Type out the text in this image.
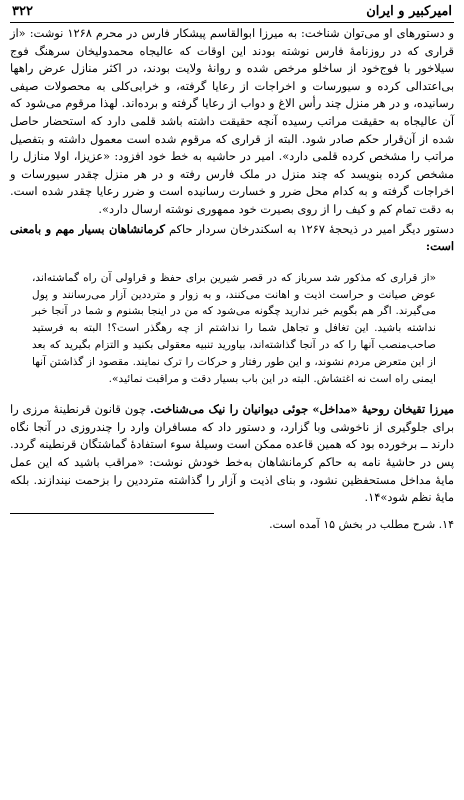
امیرکبیر و ایران
۳۲۲

و دستورهای او می‌توان شناخت: به میرزا ابوالقاسم پیشکار فارس در محرم ۱۲۶۸ نوشت: «از قراری که در روزنامهٔ فارس نوشته بودند این اوقات که عالیجاه محمدولیخان سرهنگ فوج سیلاخور با فوج‌خود از ساخلو مرخص شده و روانهٔ ولایت بودند، در اکثر منازل عرض راهها بی‌اعتدالی کرده و سیورسات و اخراجات از رعایا گرفته، و خرابی‌کلی به محصولات صیفی رسانیده، و در هر منزل چند رأس الاغ و دواب از رعایا گرفته و برده‌اند. لهذا مرقوم می‌شود که آن عالیجاه به حقیقت مراتب رسیده آنچه حقیقت داشته باشد قلمی دارد که استحضار حاصل شده از آن‌قرار حکم صادر شود. البته از قراری که مرقوم شده است معمول داشته و بتفصیل مراتب را مشخص کرده قلمی دارد». امیر در حاشیه به خط خود افزود: «عزیزا، اولا منازل را مشخص کرده بنویسد که چند منزل در ملک فارس رفته و در هر منزل چقدر سیورسات و اخراجات گرفته و به کدام محل ضرر و خسارت رسانیده است و ضرر رعایا چقدر شده است. به دقت تمام کم و کیف را از روی بصیرت خود ممهوری نوشته ارسال دارد».

دستور دیگر امیر در ذیحجهٔ ۱۲۶۷ به اسکندرخان سردار حاکم کرمانشاهان بسیار مهم و بامعنی است:

«از قراری که مذکور شد سرباز که در قصر شیرین برای حفظ و قراولی آن راه گماشته‌اند، عوض صیانت و حراست اذیت و اهانت می‌کنند، و به زوار و مترددین آزار می‌رسانند و پول می‌گیرند. اگر هم بگویم خبر ندارید چگونه می‌شود که من در اینجا بشنوم و شما در آنجا خبر نداشته باشید. این تغافل و تجاهل شما را نداشتم از چه رهگذر است؟! البته به فرستید صاحب‌منصب آنها را که در آنجا گذاشته‌اند، بیاورید تنبیه معقولی بکنید و التزام بگیرید که بعد از این متعرض مردم نشوند، و این طور رفتار و حرکات را ترک نمایند. مقصود از گذاشتن آنها ایمنی راه است نه اغتشاش. البته در این باب بسیار دقت و مراقبت نمائید».

میرزا تقیخان روحیهٔ «مداخل» جوئی دیوانیان را نیک می‌شناخت. چون قانون قرنطینهٔ مرزی را برای جلوگیری از ناخوشی وبا گزارد، و دستور داد که مسافران وارد را چندروزی در آنجا نگاه دارند ــ برخورده بود که همین قاعده ممکن است وسیلهٔ سوء استفادهٔ گماشتگان قرنطینه گردد. پس در حاشیهٔ نامه به حاکم کرمانشاهان به‌خط خودش نوشت: «مراقب باشید که این عمل مایهٔ مداخل مستحفظین نشود، و بنای اذیت و آزار را گذاشته مترددین را بزحمت نیندازند. بلکه مایهٔ نظم شود»۱۴.

۱۴. شرح مطلب در بخش ۱۵ آمده است.
